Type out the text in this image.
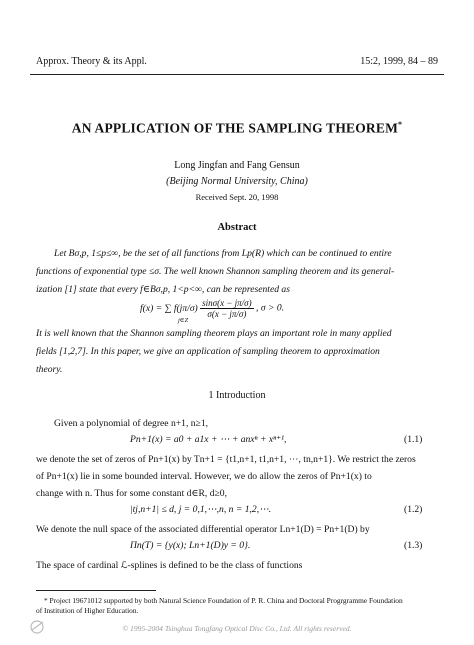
Approx. Theory & its Appl.	15:2, 1999, 84 – 89
AN APPLICATION OF THE SAMPLING THEOREM*
Long Jingfan and Fang Gensun
(Beijing Normal University, China)
Received Sept. 20, 1998
Abstract
Let Bσ,p, 1≤p≤∞, be the set of all functions from Lp(R) which can be continued to entire
functions of exponential type ≤σ. The well known Shannon sampling theorem and its general-
ization [1] state that every f∈Bσ,p, 1<p<∞, can be represented as
f(x) = ∑ f(jπ/σ)
j∈Z

$\frac{\sin\sigma(x - j\pi/\sigma)}{\sigma(x - j\pi/\sigma)}$ , σ > 0.
It is well known that the Shannon sampling theorem plays an important role in many applied
fields [1,2,7]. In this paper, we give an application of sampling theorem to approximation
theory.
1 Introduction
Given a polynomial of degree n+1, n≥1,
Pn+1(x) = a0 + a1x + ⋯ + anxⁿ + xⁿ⁺¹,	(1.1)
we denote the set of zeros of Pn+1(x) by Tn+1 = {t1,n+1, t1,n+1, ⋯, tn,n+1}. We restrict the zeros
of Pn+1(x) lie in some bounded interval. However, we do allow the zeros of Pn+1(x) to
change with n. Thus for some constant d∈R, d≥0,
|tj,n+1| ≤ d, j = 0,1,⋯,n, n = 1,2,⋯.	(1.2)
We denote the null space of the associated differential operator Ln+1(D) = Pn+1(D) by
Πn(T) = {y(x); Ln+1(D)y = 0}.	(1.3)
The space of cardinal ℒ-splines is defined to be the class of functions
* Project 19671012 supported by both Natural Science Foundation of P. R. China and Doctoral Progrgramme Foundation
of Institution of Higher Education.
© 1995-2004 Tsinghua Tongfang Optical Disc Co., Ltd. All rights reserved.
